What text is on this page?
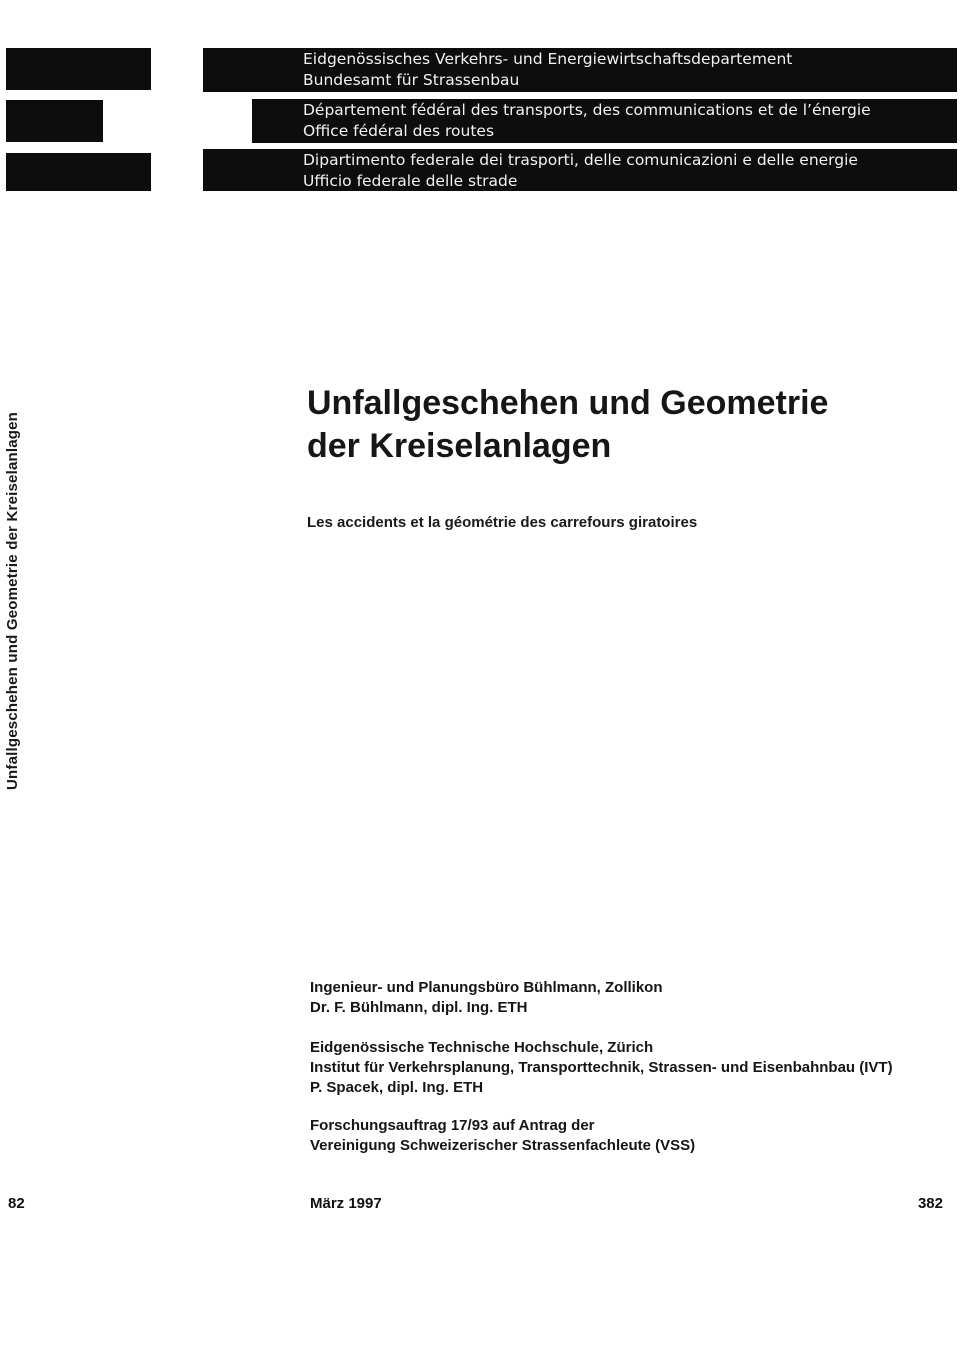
Eidgenössisches Verkehrs- und Energiewirtschaftsdepartement
Bundesamt für Strassenbau
Département fédéral des transports, des communications et de l’énergie
Office fédéral des routes
Dipartimento federale dei trasporti, delle comunicazioni e delle energie
Ufficio federale delle strade
Unfallgeschehen und Geometrie der Kreiselanlagen
Unfallgeschehen und Geometrie
der Kreiselanlagen
Les accidents et la géométrie des carrefours giratoires
Ingenieur- und Planungsbüro Bühlmann, Zollikon
Dr. F. Bühlmann, dipl. Ing. ETH
Eidgenössische Technische Hochschule, Zürich
Institut für Verkehrsplanung, Transporttechnik, Strassen- und Eisenbahnbau (IVT)
P. Spacek, dipl. Ing. ETH
Forschungsauftrag 17/93 auf Antrag der
Vereinigung Schweizerischer Strassenfachleute (VSS)
82	März 1997	382
